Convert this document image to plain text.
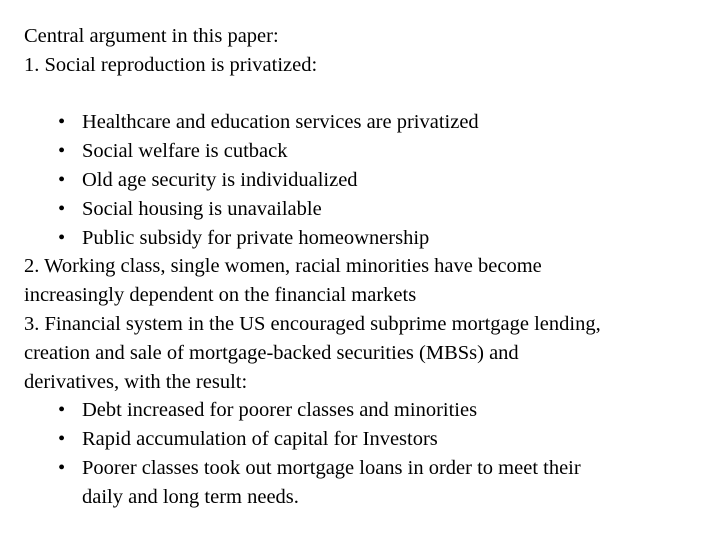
Central argument in this paper:
1. Social reproduction is privatized:
• Healthcare and education services are privatized
• Social welfare is cutback
• Old age security is individualized
• Social housing is unavailable
• Public subsidy for private homeownership
2. Working class, single women, racial minorities have become
increasingly dependent on the financial markets
3. Financial system in the US encouraged subprime mortgage lending,
creation and sale of mortgage-backed securities (MBSs) and
derivatives, with the result:
• Debt increased for poorer classes and minorities
• Rapid accumulation of capital for Investors
• Poorer classes took out mortgage loans in order to meet their
daily and long term needs.
